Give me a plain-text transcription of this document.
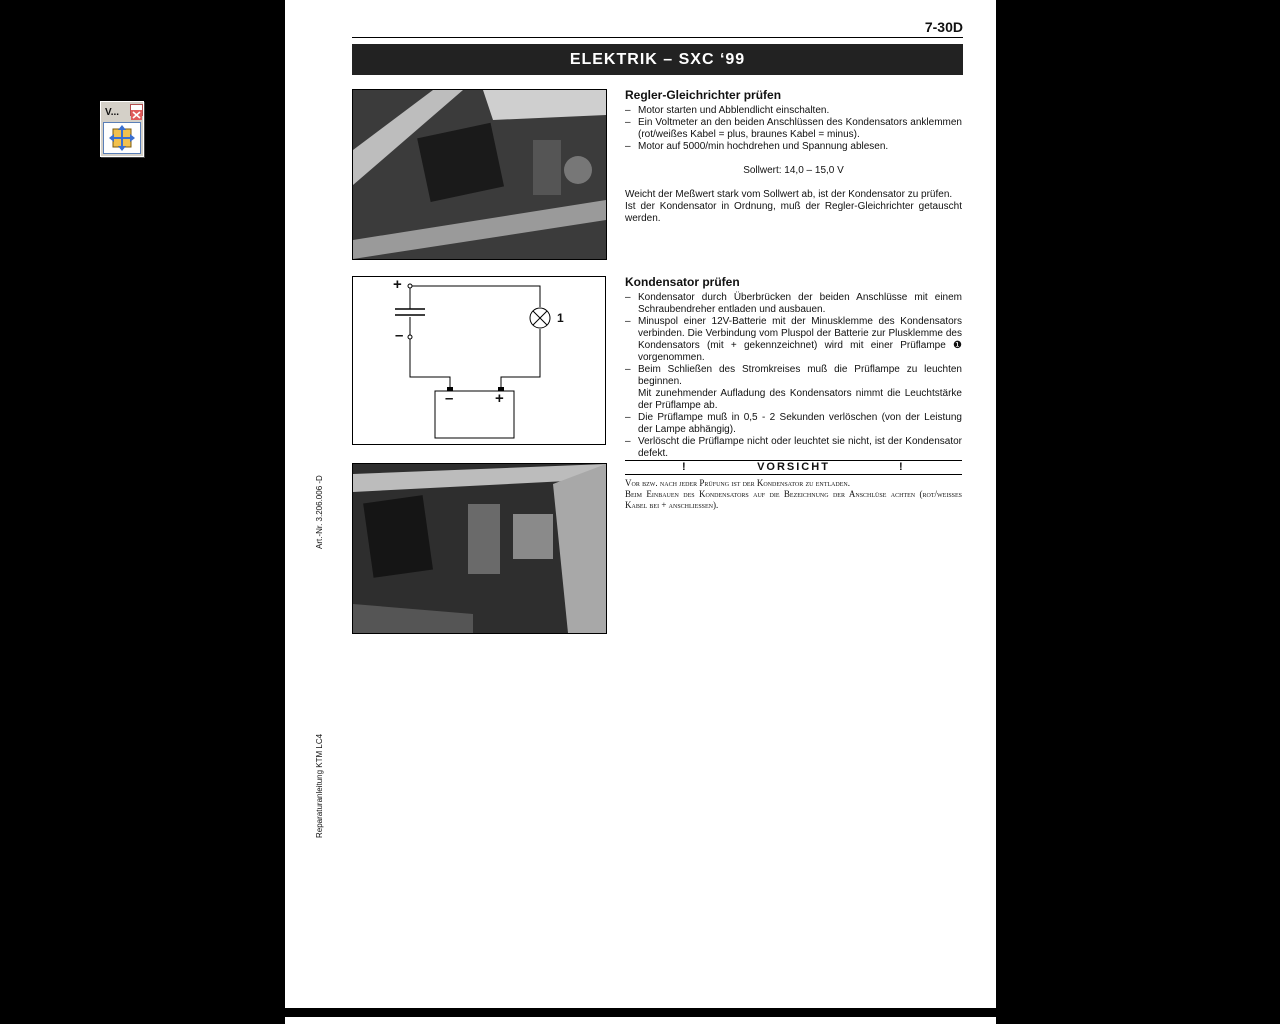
V...
7-30D
ELEKTRIK – SXC ‘99
+
–
1
–	+
Regler-Gleichrichter prüfen
– Motor starten und Abblendlicht einschalten.
– Ein Voltmeter an den beiden Anschlüssen des Kondensators anklemmen (rot/weißes Kabel = plus, braunes Kabel = minus).
– Motor auf 5000/min hochdrehen und Spannung ablesen.

Sollwert: 14,0 – 15,0 V

Weicht der Meßwert stark vom Sollwert ab, ist der Kondensator zu prüfen.

Ist der Kondensator in Ordnung, muß der Regler-Gleichrichter getauscht werden.

Kondensator prüfen
– Kondensator durch Überbrücken der beiden Anschlüsse mit einem Schraubendreher entladen und ausbauen.
– Minuspol einer 12V-Batterie mit der Minusklemme des Kondensators verbinden. Die Verbindung vom Pluspol der Batterie zur Plusklemme des Kondensators (mit + gekennzeichnet) wird mit einer Prüflampe ❶ vorgenommen.
– Beim Schließen des Stromkreises muß die Prüflampe zu leuchten beginnen.
Mit zunehmender Aufladung des Kondensators nimmt die Leuchtstärke der Prüflampe ab.
– Die Prüflampe muß in 0,5 - 2 Sekunden verlöschen (von der Leistung der Lampe abhängig).
– Verlöscht die Prüflampe nicht oder leuchtet sie nicht, ist der Kondensator defekt.
!	VORSICHT	!
Vor bzw. nach jeder Prüfung ist der Kondensator zu entladen.
Beim Einbauen des Kondensators auf die Bezeichnung der Anschlüse achten (rot/weißes Kabel bei + anschliessen).
Art.-Nr. 3.206.006 -D
Reparaturanleitung KTM LC4
